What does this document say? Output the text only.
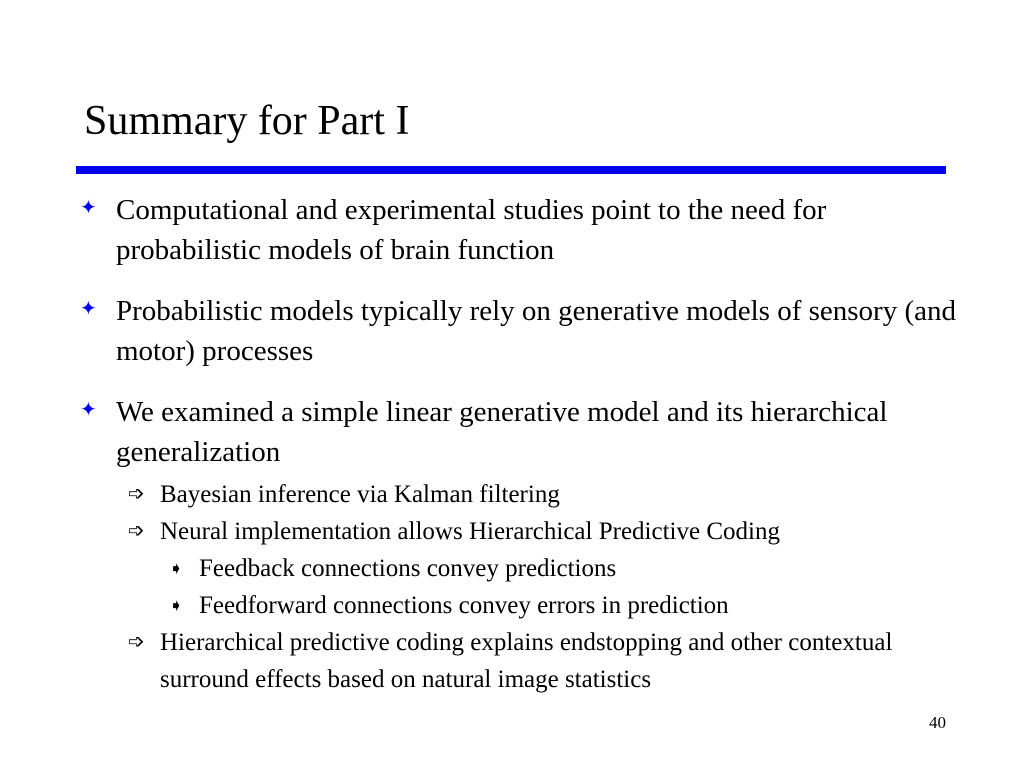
Summary for Part I
✦ Computational and experimental studies point to the need for probabilistic models of brain function
✦ Probabilistic models typically rely on generative models of sensory (and motor) processes
✦ We examined a simple linear generative model and its hierarchical generalization
➩ Bayesian inference via Kalman filtering
➩ Neural implementation allows Hierarchical Predictive Coding
➧ Feedback connections convey predictions
➧ Feedforward connections convey errors in prediction
➩ Hierarchical predictive coding explains endstopping and other contextual surround effects based on natural image statistics
40
